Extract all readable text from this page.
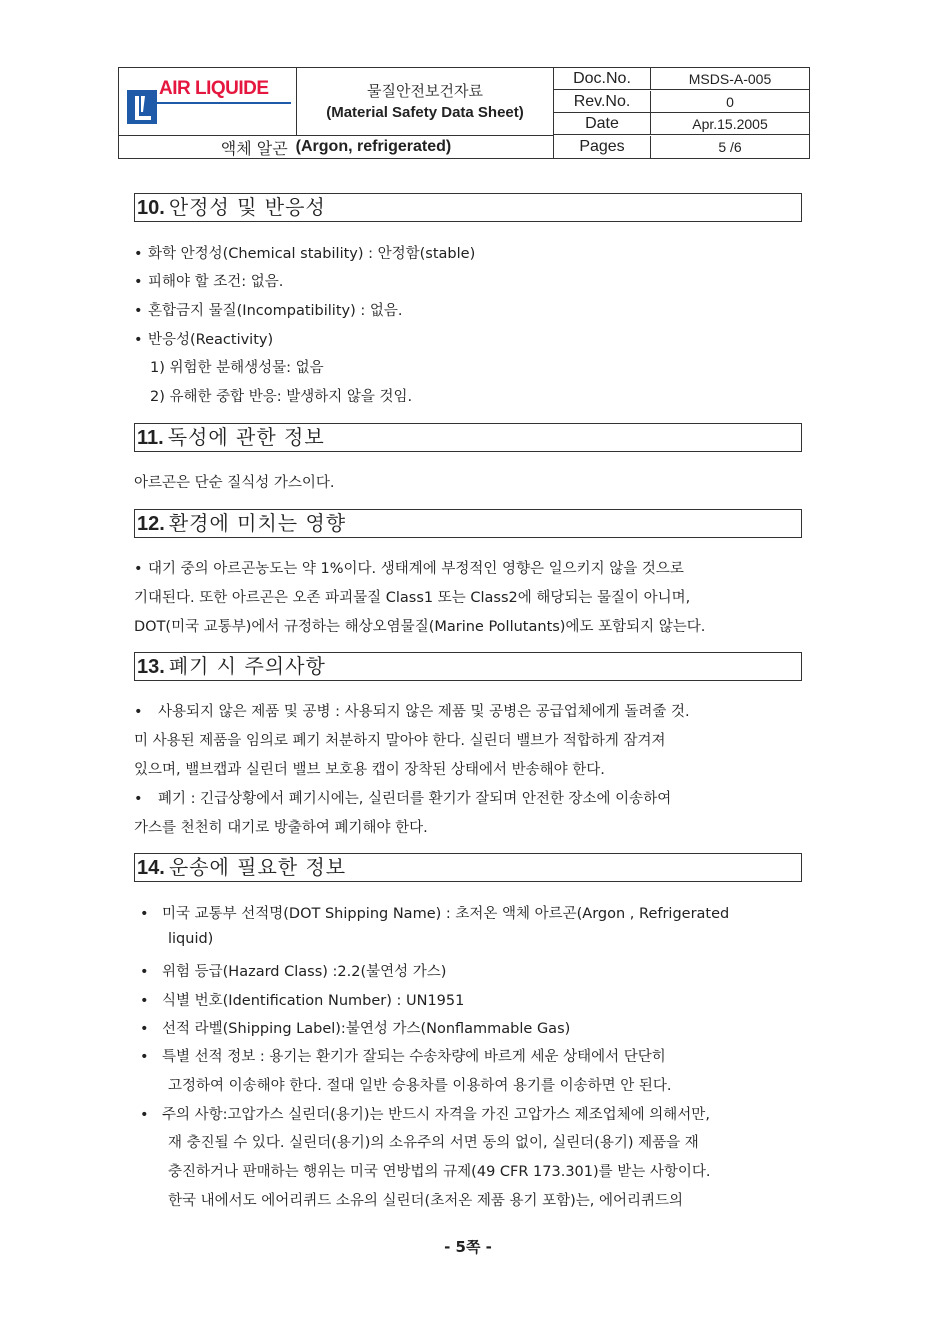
AIR LIQUIDE	물질안전보건자료
(Material Safety Data Sheet)
액체 알곤 (Argon, refrigerated)
Doc.No.
Rev.No.
Date
Pages
MSDS-A-005
0
Apr.15.2005
5 /6
10. 안정성 및 반응성
• 화학 안정성(Chemical stability) : 안정함(stable)
• 피해야 할 조건: 없음.
• 혼합금지 물질(Incompatibility) : 없음.
• 반응성(Reactivity)
1) 위험한 분해생성물: 없음
2) 유해한 중합 반응: 발생하지 않을 것임.
11. 독성에 관한 정보
아르곤은 단순 질식성 가스이다.
12. 환경에 미치는 영향
• 대기 중의 아르곤농도는 약 1%이다. 생태계에 부정적인 영향은 일으키지 않을 것으로
기대된다. 또한 아르곤은 오존 파괴물질 Class1 또는 Class2에 해당되는 물질이 아니며,
DOT(미국 교통부)에서 규정하는 해상오염물질(Marine Pollutants)에도 포함되지 않는다.
13. 폐기 시 주의사항
• 사용되지 않은 제품 및 공병 : 사용되지 않은 제품 및 공병은 공급업체에게 돌려줄 것.
미 사용된 제품을 임의로 폐기 처분하지 말아야 한다. 실린더 밸브가 적합하게 잠겨져
있으며, 밸브캡과 실린더 밸브 보호용 캡이 장착된 상태에서 반송해야 한다.
• 폐기 : 긴급상황에서 폐기시에는, 실린더를 환기가 잘되며 안전한 장소에 이송하여
가스를 천천히 대기로 방출하여 폐기해야 한다.
14. 운송에 필요한 정보
• 미국 교통부 선적명(DOT Shipping Name) : 초저온 액체 아르곤(Argon , Refrigerated
liquid)
• 위험 등급(Hazard Class) :2.2(불연성 가스)
• 식별 번호(Identification Number) : UN1951
• 선적 라벨(Shipping Label):불연성 가스(Nonflammable Gas)
• 특별 선적 정보 : 용기는 환기가 잘되는 수송차량에 바르게 세운 상태에서 단단히
고정하여 이송해야 한다. 절대 일반 승용차를 이용하여 용기를 이송하면 안 된다.
• 주의 사항:고압가스 실린더(용기)는 반드시 자격을 가진 고압가스 제조업체에 의해서만,
재 충진될 수 있다. 실린더(용기)의 소유주의 서면 동의 없이, 실린더(용기) 제품을 재
충진하거나 판매하는 행위는 미국 연방법의 규제(49 CFR 173.301)를 받는 사항이다.
한국 내에서도 에어리퀴드 소유의 실린더(초저온 제품 용기 포함)는, 에어리퀴드의
- 5쪽 -
